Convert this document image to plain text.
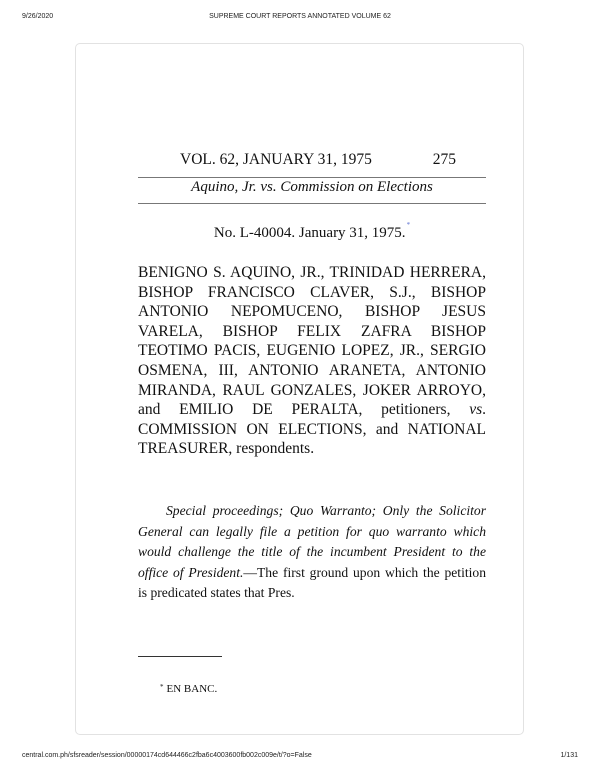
9/26/2020	SUPREME COURT REPORTS ANNOTATED VOLUME 62
VOL. 62, JANUARY 31, 1975	275
Aquino, Jr. vs. Commission on Elections
No. L-40004. January 31, 1975.*
BENIGNO S. AQUINO, JR., TRINIDAD HERRERA, BISHOP FRANCISCO CLAVER, S.J., BISHOP ANTONIO NEPOMUCENO, BISHOP JESUS VARELA, BISHOP FELIX ZAFRA BISHOP TEOTIMO PACIS, EUGENIO LOPEZ, JR., SERGIO OSMENA, III, ANTONIO ARANETA, ANTONIO MIRANDA, RAUL GONZALES, JOKER ARROYO, and EMILIO DE PERALTA, petitioners, vs. COMMISSION ON ELECTIONS, and NATIONAL TREASURER, respondents.
Special proceedings; Quo Warranto; Only the Solicitor General can legally file a petition for quo warranto which would challenge the title of the incumbent President to the office of President.—The first ground upon which the petition is predicated states that Pres.
* EN BANC.
central.com.ph/sfsreader/session/00000174cd644466c2fba6c4003600fb002c009e/t/?o=False	1/131
